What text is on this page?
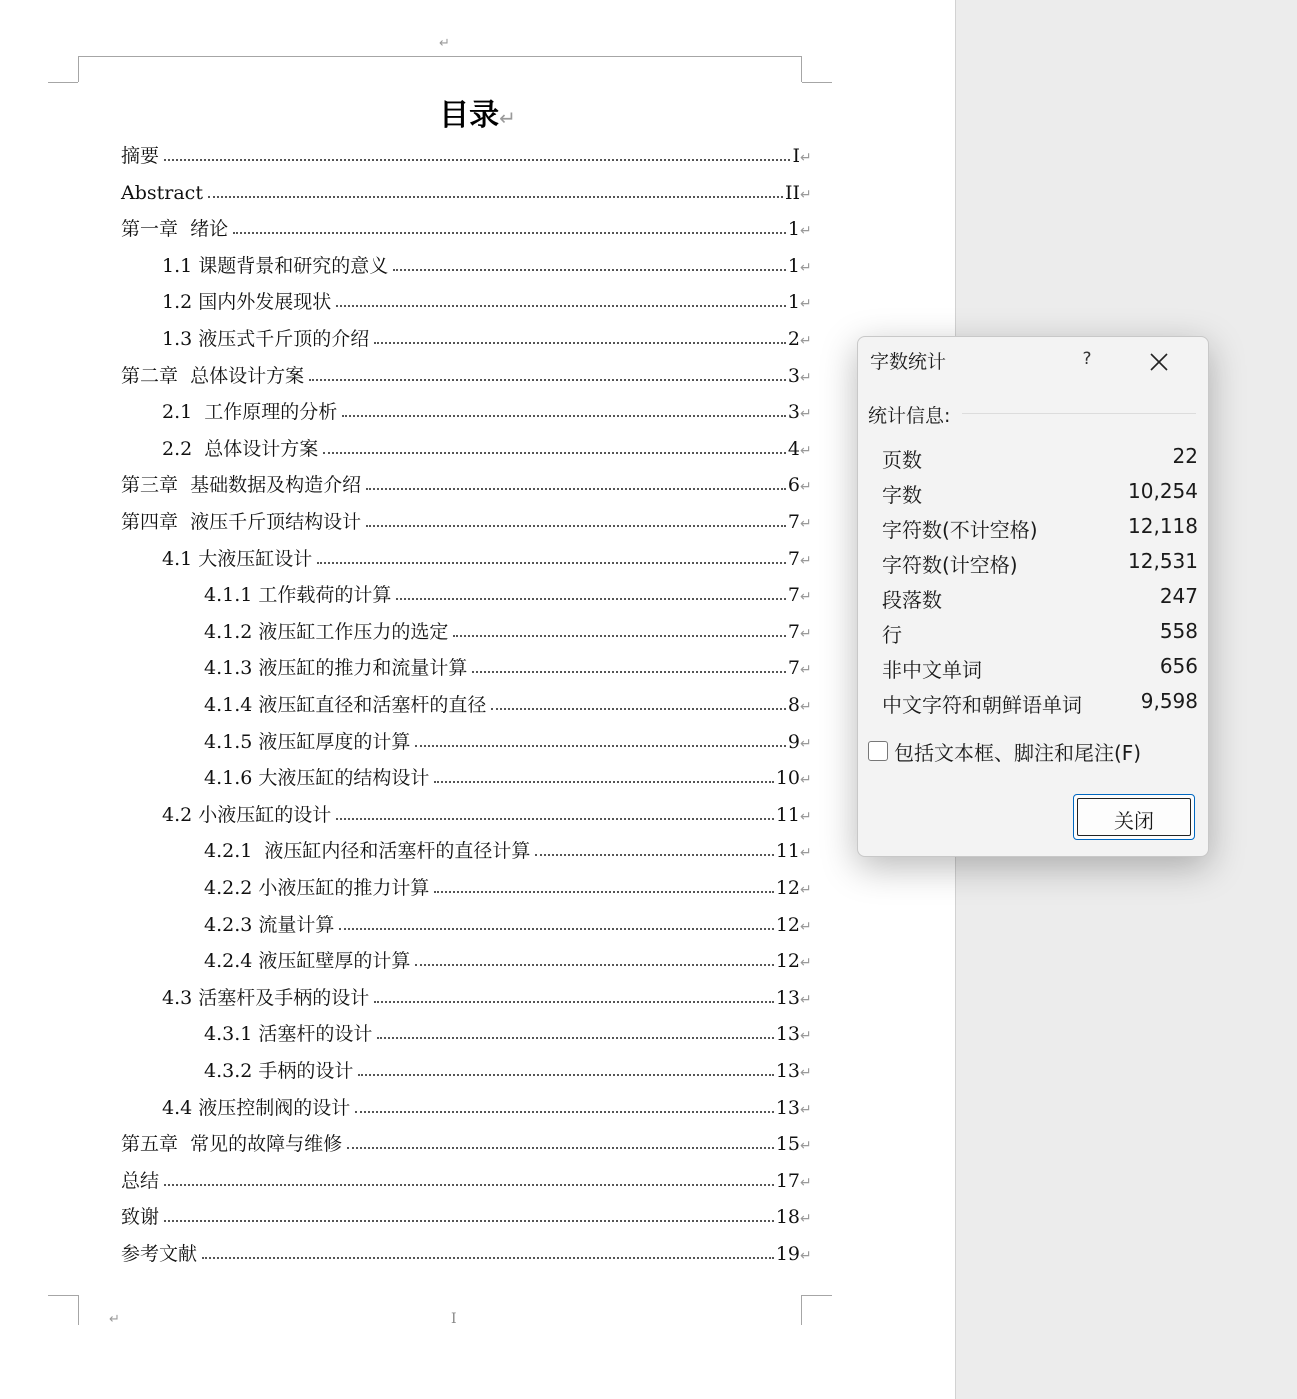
↵
↵	I
目录↵
摘要	I ↵
Abstract	II ↵
第一章  绪论	1 ↵
1.1 课题背景和研究的意义	1 ↵
1.2 国内外发展现状	1 ↵
1.3 液压式千斤顶的介绍	2 ↵
第二章  总体设计方案	3 ↵
2.1  工作原理的分析	3 ↵
2.2  总体设计方案	4 ↵
第三章  基础数据及构造介绍	6 ↵
第四章  液压千斤顶结构设计	7 ↵
4.1 大液压缸设计	7 ↵
4.1.1 工作载荷的计算	7 ↵
4.1.2 液压缸工作压力的选定	7 ↵
4.1.3 液压缸的推力和流量计算	7 ↵
4.1.4 液压缸直径和活塞杆的直径	8 ↵
4.1.5 液压缸厚度的计算	9 ↵
4.1.6 大液压缸的结构设计	10 ↵
4.2 小液压缸的设计	11 ↵
4.2.1  液压缸内径和活塞杆的直径计算	11 ↵
4.2.2 小液压缸的推力计算	12 ↵
4.2.3 流量计算	12 ↵
4.2.4 液压缸壁厚的计算	12 ↵
4.3 活塞杆及手柄的设计	13 ↵
4.3.1 活塞杆的设计	13 ↵
4.3.2 手柄的设计	13 ↵
4.4 液压控制阀的设计	13 ↵
第五章  常见的故障与维修	15 ↵
总结	17 ↵
致谢	18 ↵
参考文献	19 ↵
字数统计	?
统计信息:
页数	22
字数	10,254
字符数(不计空格)	12,118
字符数(计空格)	12,531
段落数	247
行	558
非中文单词	656
中文字符和朝鲜语单词	9,598
包括文本框、脚注和尾注(F)
关闭
